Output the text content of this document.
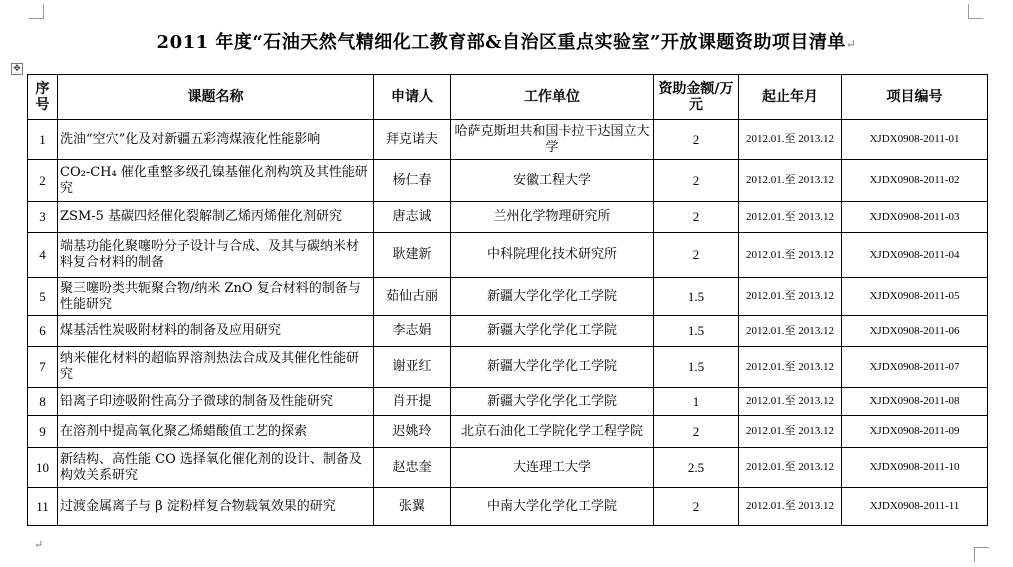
✥
2011 年度“石油天然气精细化工教育部&自治区重点实验室”开放课题资助项目清单↵
序号	课题名称	申请人	工作单位	资助金额/万元	起止年月	项目编号
1	洗油“空穴”化及对新疆五彩湾煤液化性能影响	拜克诺夫	哈萨克斯坦共和国卡拉干达国立大学	2	2012.01.至 2013.12	XJDX0908-2011-01
2	CO₂-CH₄ 催化重整多级孔镍基催化剂构筑及其性能研究	杨仁春	安徽工程大学	2	2012.01.至 2013.12	XJDX0908-2011-02
3	ZSM-5 基碳四烃催化裂解制乙烯丙烯催化剂研究	唐志诚	兰州化学物理研究所	2	2012.01.至 2013.12	XJDX0908-2011-03
4	端基功能化聚噻吩分子设计与合成、及其与碳纳米材料复合材料的制备	耿建新	中科院理化技术研究所	2	2012.01.至 2013.12	XJDX0908-2011-04
5	聚三噻吩类共轭聚合物/纳米 ZnO 复合材料的制备与性能研究	茹仙古丽	新疆大学化学化工学院	1.5	2012.01.至 2013.12	XJDX0908-2011-05
6	煤基活性炭吸附材料的制备及应用研究	李志娟	新疆大学化学化工学院	1.5	2012.01.至 2013.12	XJDX0908-2011-06
7	纳米催化材料的超临界溶剂热法合成及其催化性能研究	谢亚红	新疆大学化学化工学院	1.5	2012.01.至 2013.12	XJDX0908-2011-07
8	铅离子印迹吸附性高分子微球的制备及性能研究	肖开提	新疆大学化学化工学院	1	2012.01.至 2013.12	XJDX0908-2011-08
9	在溶剂中提高氧化聚乙烯蜡酸值工艺的探索	迟姚玲	北京石油化工学院化学工程学院	2	2012.01.至 2013.12	XJDX0908-2011-09
10	新结构、高性能 CO 选择氧化催化剂的设计、制备及构效关系研究	赵忠奎	大连理工大学	2.5	2012.01.至 2013.12	XJDX0908-2011-10
11	过渡金属离子与 β 淀粉样复合物载氧效果的研究	张翼	中南大学化学化工学院	2	2012.01.至 2013.12	XJDX0908-2011-11
↵
